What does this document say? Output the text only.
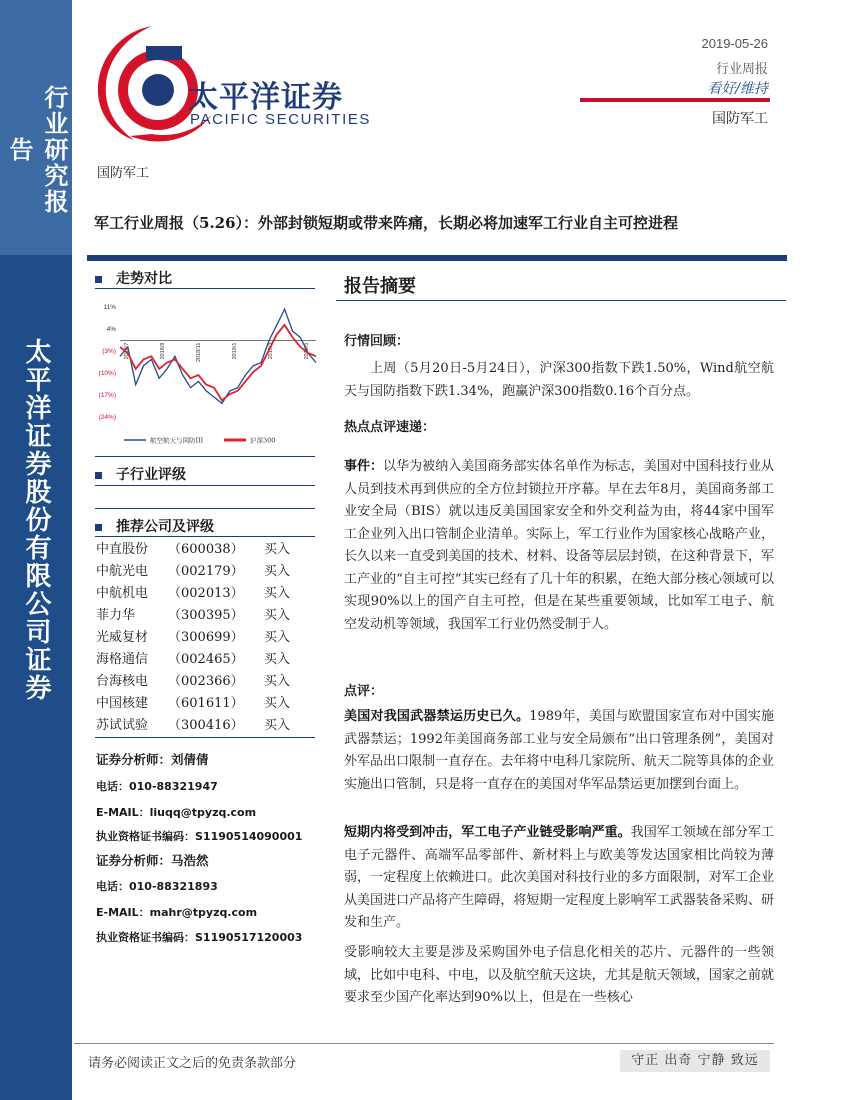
行业研究报告
太平洋证券股份有限公司证券
太平洋证券
PACIFIC SECURITIES
2019-05-26
行业周报
看好/维持
国防军工
国防军工
军工行业周报（5.26）：外部封锁短期或带来阵痛，长期必将加速军工行业自主可控进程
走势对比
11%
4%
(3%)
(10%)
(17%)
(24%)
2018/7	2018/9	2018/11	2019/1	2019/3	2019/5
航空航天与国防III	沪深300
子行业评级
推荐公司及评级
中直股份	（600038）	买入
中航光电	（002179）	买入
中航机电	（002013）	买入
菲力华	（300395）	买入
光威复材	（300699）	买入
海格通信	（002465）	买入
台海核电	（002366）	买入
中国核建	（601611）	买入
苏试试验	（300416）	买入
证券分析师：刘倩倩
电话：010-88321947
E-MAIL：liuqq@tpyzq.com
执业资格证书编码：S1190514090001
证券分析师：马浩然
电话：010-88321893
E-MAIL：mahr@tpyzq.com
执业资格证书编码：S1190517120003
报告摘要
行情回顾：
上周（5月20日-5月24日），沪深300指数下跌1.50%，Wind航空航天与国防指数下跌1.34%，跑赢沪深300指数0.16个百分点。
热点点评速递：
事件：以华为被纳入美国商务部实体名单作为标志，美国对中国科技行业从人员到技术再到供应的全方位封锁拉开序幕。早在去年8月，美国商务部工业安全局（BIS）就以违反美国国家安全和外交利益为由，将44家中国军工企业列入出口管制企业清单。实际上，军工行业作为国家核心战略产业，长久以来一直受到美国的技术、材料、设备等层层封锁，在这种背景下，军工产业的“自主可控”其实已经有了几十年的积累，在绝大部分核心领域可以实现90%以上的国产自主可控，但是在某些重要领域，比如军工电子、航空发动机等领域，我国军工行业仍然受制于人。
点评：
美国对我国武器禁运历史已久。1989年，美国与欧盟国家宣布对中国实施武器禁运；1992年美国商务部工业与安全局颁布“出口管理条例”，美国对外军品出口限制一直存在。去年将中电科几家院所、航天二院等具体的企业实施出口管制，只是将一直存在的美国对华军品禁运更加摆到台面上。
短期内将受到冲击，军工电子产业链受影响严重。我国军工领域在部分军工电子元器件、高端军品零部件、新材料上与欧美等发达国家相比尚较为薄弱，一定程度上依赖进口。此次美国对科技行业的多方面限制，对军工企业从美国进口产品将产生障碍，将短期一定程度上影响军工武器装备采购、研发和生产。
受影响较大主要是涉及采购国外电子信息化相关的芯片、元器件的一些领域，比如中电科、中电，以及航空航天这块，尤其是航天领域，国家之前就要求至少国产化率达到90%以上，但是在一些核心
请务必阅读正文之后的免责条款部分	守正 出奇 宁静 致远
